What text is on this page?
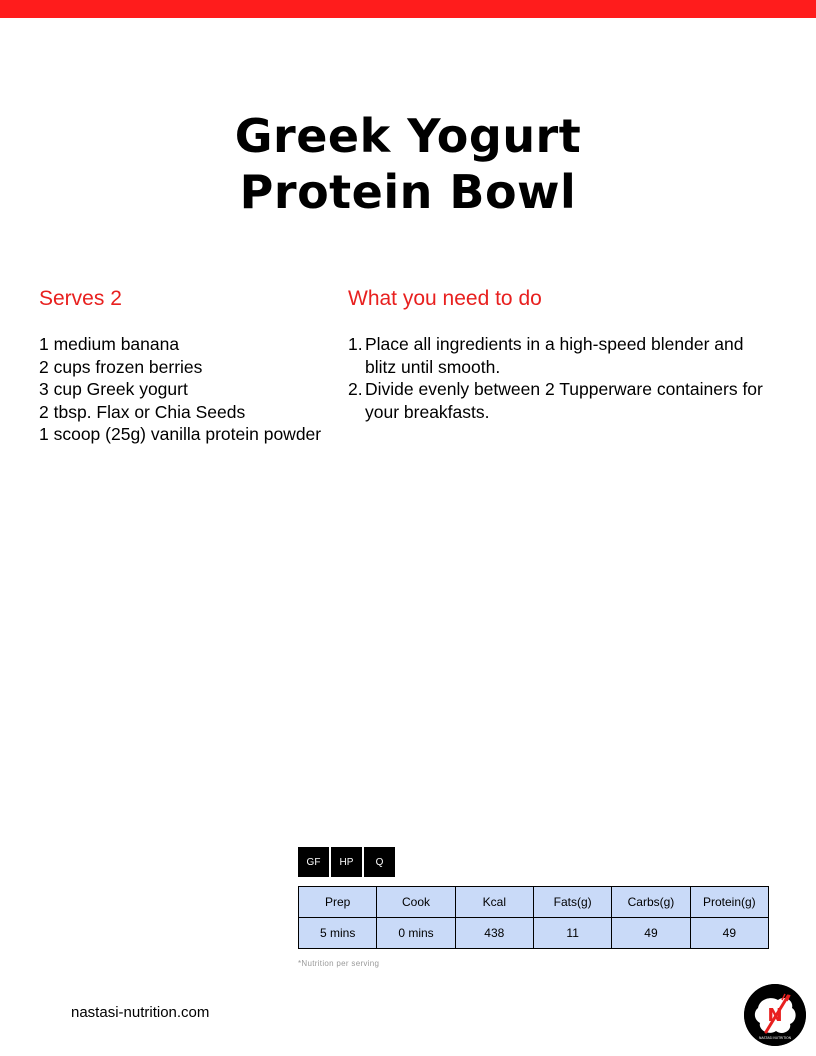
Greek Yogurt
Protein Bowl
Serves 2
1 medium banana
2 cups frozen berries
3 cup Greek yogurt
2 tbsp. Flax or Chia Seeds
1 scoop (25g) vanilla protein powder
What you need to do
1. Place all ingredients in a high-speed blender and blitz until smooth.
2. Divide evenly between 2 Tupperware containers for your breakfasts.
GF	HP	Q
Prep	Cook	Kcal	Fats(g)	Carbs(g)	Protein(g)
5 mins	0 mins	438	11	49	49
*Nutrition per serving
nastasi-nutrition.com	N
NASTASI NUTRITION
